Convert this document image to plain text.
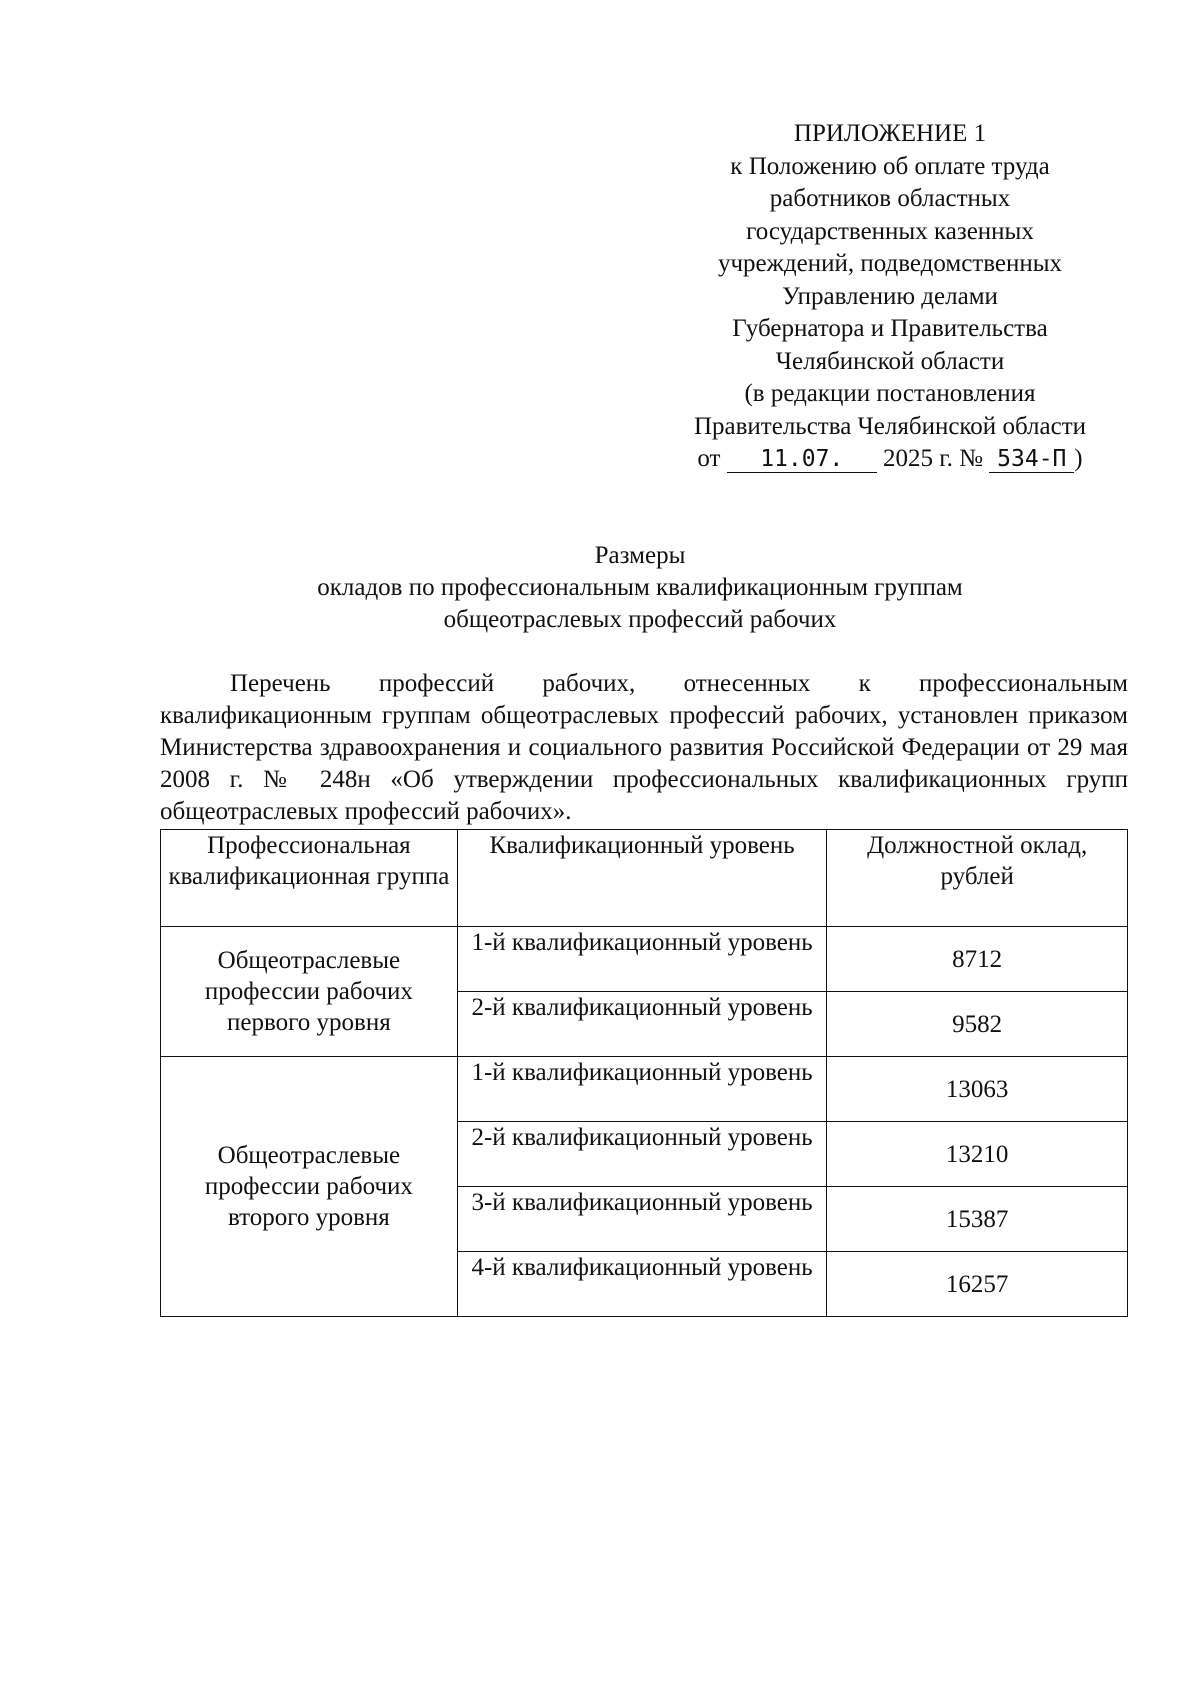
ПРИЛОЖЕНИЕ 1
к Положению об оплате труда
работников областных
государственных казенных
учреждений, подведомственных
Управлению делами
Губернатора и Правительства
Челябинской области
(в редакции постановления
Правительства Челябинской области
от 11.07. 2025 г. № 534-П )
Размеры
окладов по профессиональным квалификационным группам
общеотраслевых профессий рабочих
Перечень профессий рабочих, отнесенных к профессиональным квалификационным группам общеотраслевых профессий рабочих, установлен приказом Министерства здравоохранения и социального развития Российской Федерации от 29 мая 2008 г. № 248н «Об утверждении профессиональных квалификационных групп общеотраслевых профессий рабочих».
Профессиональная квалификационная группа	Квалификационный уровень	Должностной оклад, рублей
Общеотраслевые профессии рабочих первого уровня	1-й квалификационный уровень	8712
	2-й квалификационный уровень	9582
Общеотраслевые профессии рабочих второго уровня	1-й квалификационный уровень	13063
	2-й квалификационный уровень	13210
	3-й квалификационный уровень	15387
	4-й квалификационный уровень	16257
